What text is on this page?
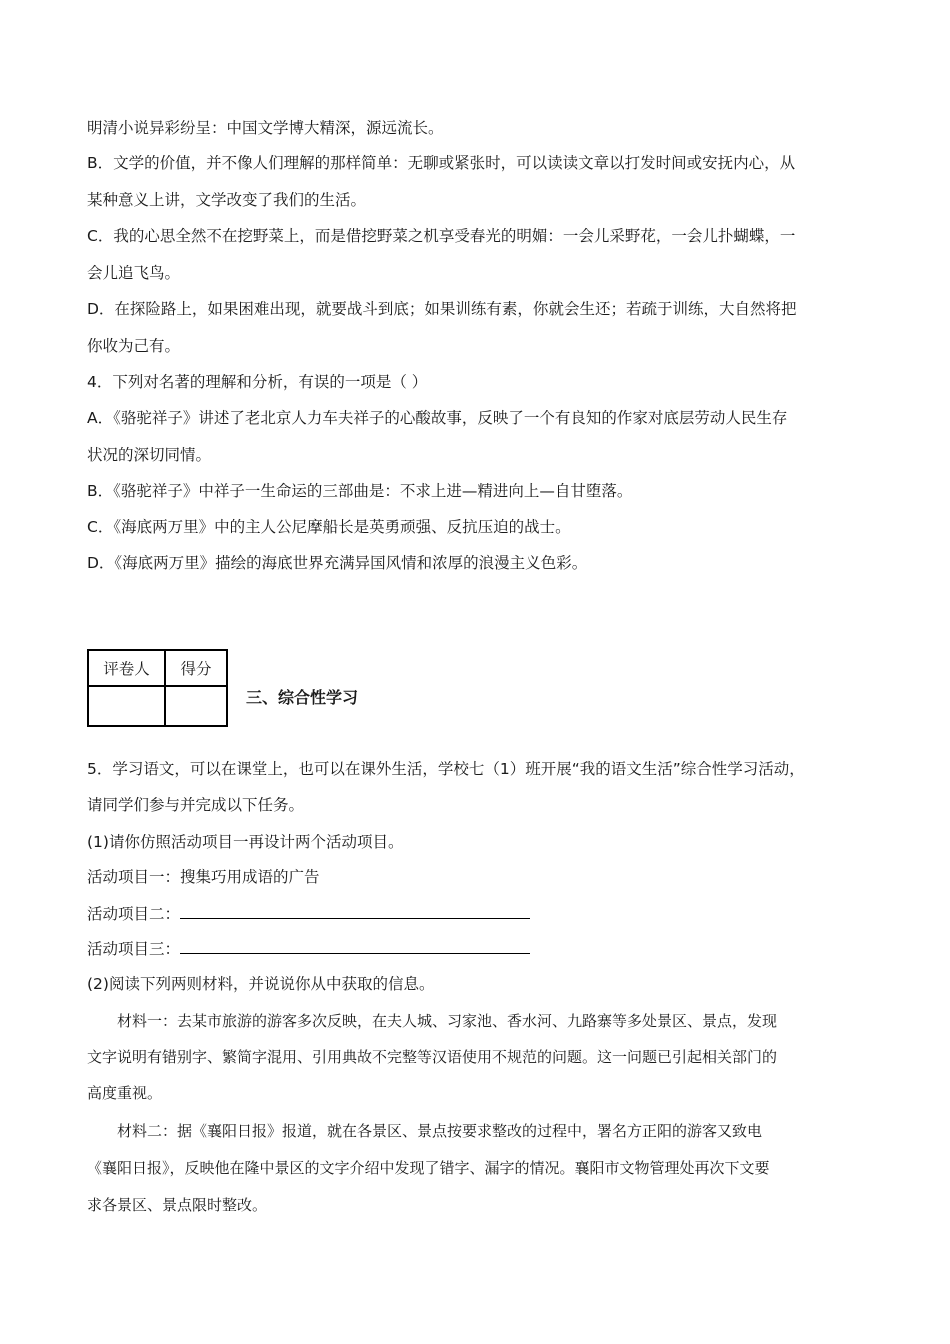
明清小说异彩纷呈：中国文学博大精深，源远流长。
B．文学的价值，并不像人们理解的那样简单：无聊或紧张时，可以读读文章以打发时间或安抚内心，从
某种意义上讲，文学改变了我们的生活。
C．我的心思全然不在挖野菜上，而是借挖野菜之机享受春光的明媚：一会儿采野花，一会儿扑蝴蝶，一
会儿追飞鸟。
D．在探险路上，如果困难出现，就要战斗到底；如果训练有素，你就会生还；若疏于训练，大自然将把
你收为己有。
4．下列对名著的理解和分析，有误的一项是（ ）
A．《骆驼祥子》讲述了老北京人力车夫祥子的心酸故事，反映了一个有良知的作家对底层劳动人民生存
状况的深切同情。
B．《骆驼祥子》中祥子一生命运的三部曲是：不求上进—精进向上—自甘堕落。
C．《海底两万里》中的主人公尼摩船长是英勇顽强、反抗压迫的战士。
D．《海底两万里》描绘的海底世界充满异国风情和浓厚的浪漫主义色彩。
评卷人	得分

三、综合性学习
5．学习语文，可以在课堂上，也可以在课外生活，学校七（1）班开展“我的语文生活”综合性学习活动，
请同学们参与并完成以下任务。
(1)请你仿照活动项目一再设计两个活动项目。
活动项目一：搜集巧用成语的广告
活动项目二：
活动项目三：
(2)阅读下列两则材料，并说说你从中获取的信息。
材料一：去某市旅游的游客多次反映，在夫人城、习家池、香水河、九路寨等多处景区、景点，发现
文字说明有错别字、繁简字混用、引用典故不完整等汉语使用不规范的问题。这一问题已引起相关部门的
高度重视。
材料二：据《襄阳日报》报道，就在各景区、景点按要求整改的过程中，署名方正阳的游客又致电
《襄阳日报》，反映他在隆中景区的文字介绍中发现了错字、漏字的情况。襄阳市文物管理处再次下文要
求各景区、景点限时整改。
